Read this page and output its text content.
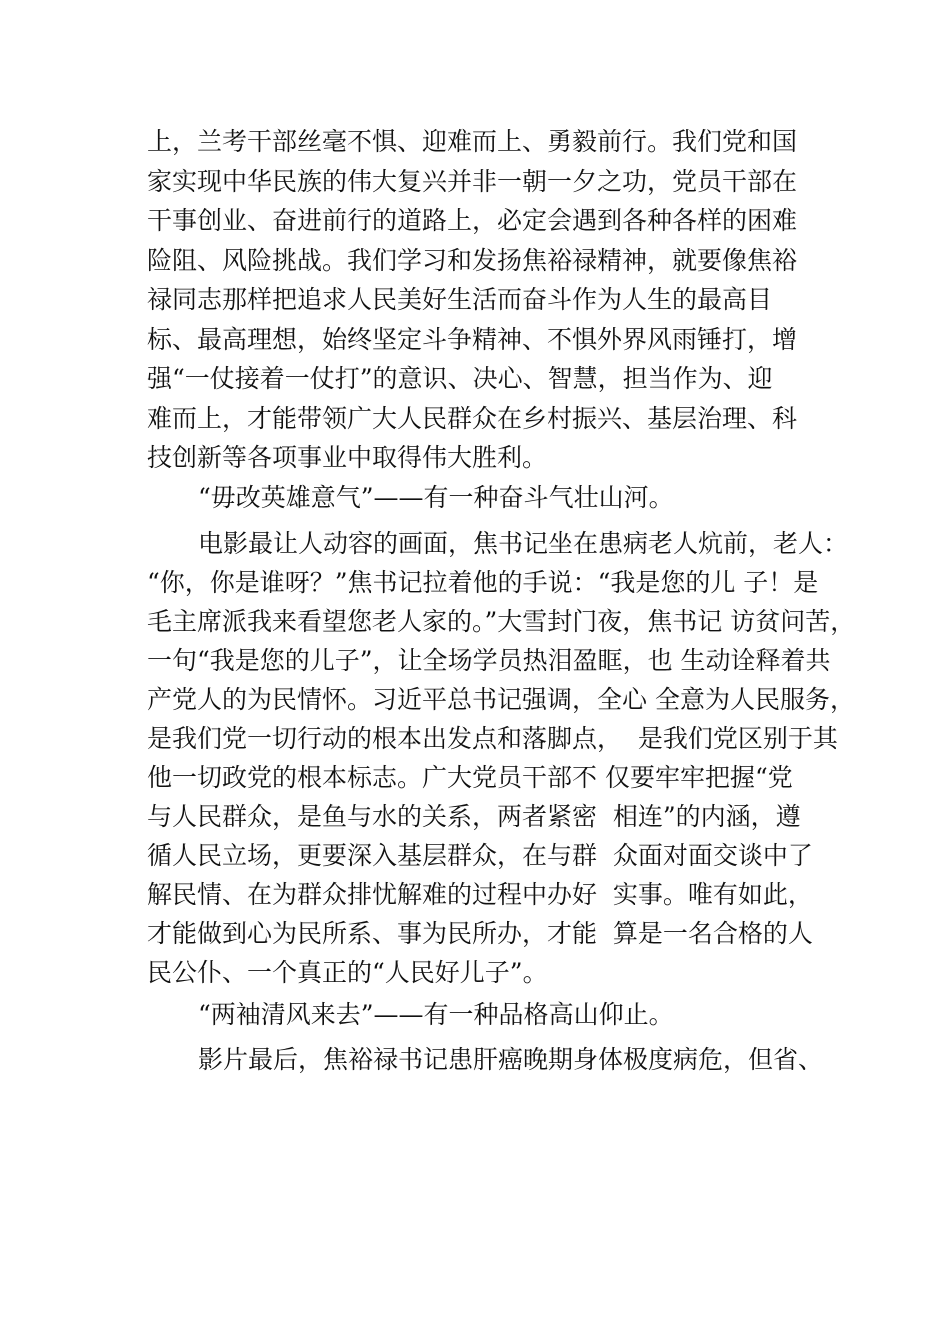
上，兰考干部丝毫不惧、迎难而上、勇毅前行。我们党和国
家实现中华民族的伟大复兴并非一朝一夕之功，党员干部在
干事创业、奋进前行的道路上，必定会遇到各种各样的困难
险阻、风险挑战。我们学习和发扬焦裕禄精神，就要像焦裕
禄同志那样把追求人民美好生活而奋斗作为人生的最高目
标、最高理想，始终坚定斗争精神、不惧外界风雨锤打，增
强“一仗接着一仗打”的意识、决心、智慧，担当作为、迎
难而上，才能带领广大人民群众在乡村振兴、基层治理、科
技创新等各项事业中取得伟大胜利。
“毋改英雄意气”——有一种奋斗气壮山河。
电影最让人动容的画面，焦书记坐在患病老人炕前，老人：
“你，你是谁呀？”焦书记拉着他的手说：“我是您的儿 子！是
毛主席派我来看望您老人家的。”大雪封门夜，焦书记 访贫问苦，
一句“我是您的儿子”，让全场学员热泪盈眶，也 生动诠释着共
产党人的为民情怀。习近平总书记强调，全心 全意为人民服务，
是我们党一切行动的根本出发点和落脚点，  是我们党区别于其
他一切政党的根本标志。广大党员干部不 仅要牢牢把握“党
与人民群众，是鱼与水的关系，两者紧密  相连”的内涵，遵
循人民立场，更要深入基层群众，在与群  众面对面交谈中了
解民情、在为群众排忧解难的过程中办好  实事。唯有如此，
才能做到心为民所系、事为民所办，才能  算是一名合格的人
民公仆、一个真正的“人民好儿子”。
“两袖清风来去”——有一种品格高山仰止。
影片最后，焦裕禄书记患肝癌晚期身体极度病危，但省、
